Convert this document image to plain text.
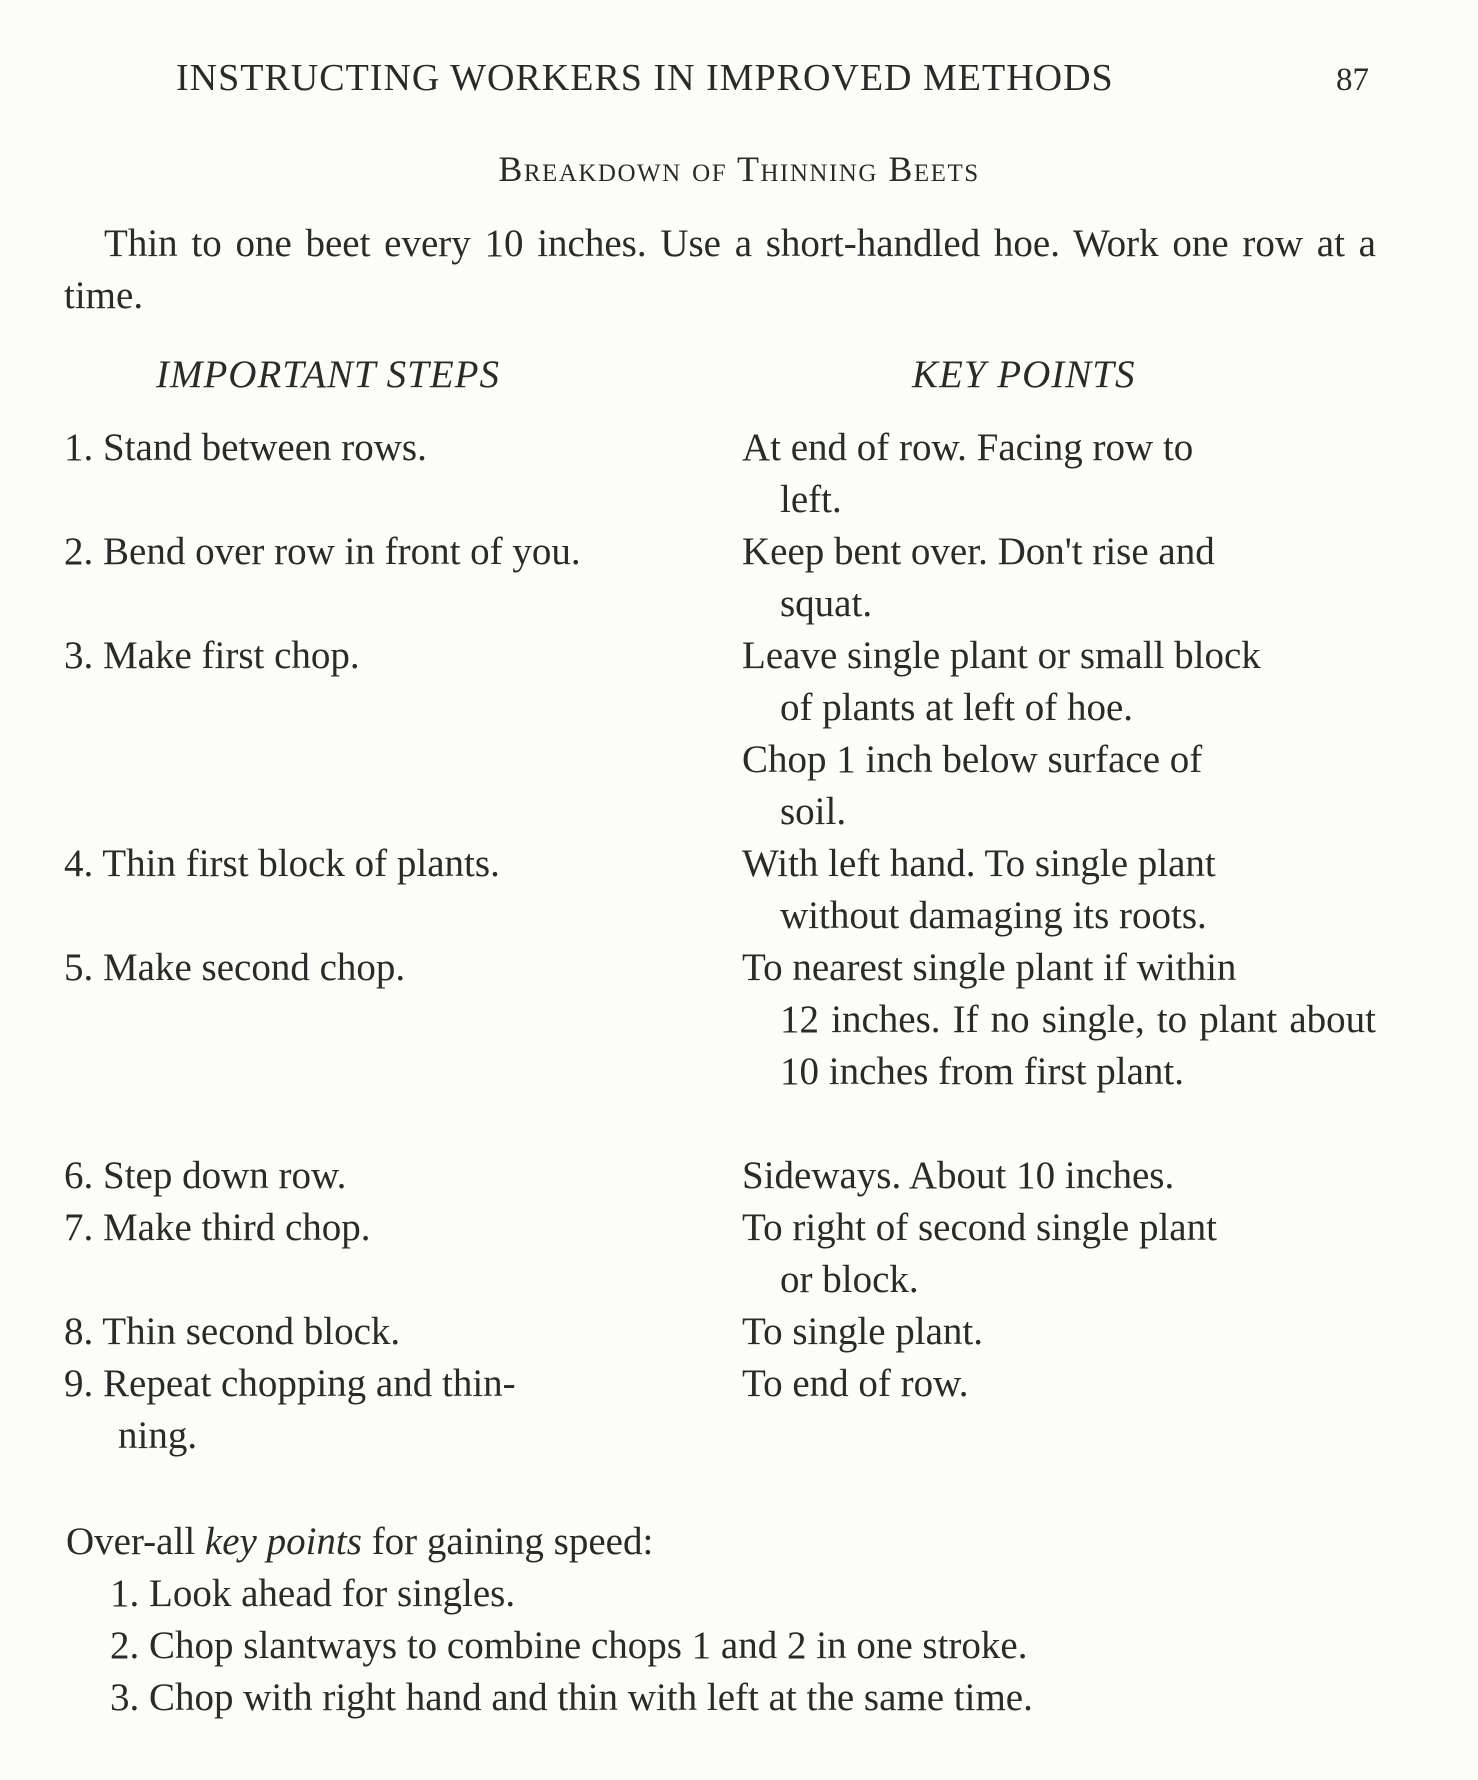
INSTRUCTING WORKERS IN IMPROVED METHODS	87
Breakdown of Thinning Beets
Thin to one beet every 10 inches. Use a short-handled hoe. Work one row at a time.
IMPORTANT STEPS	KEY POINTS
1. Stand between rows.
2. Bend over row in front of you.
3. Make first chop.
4. Thin first block of plants.
5. Make second chop.
6. Step down row.
7. Make third chop.
8. Thin second block.
9. Repeat chopping and thin-
ning.
At end of row. Facing row to
left.
Keep bent over. Don't rise and
squat.
Leave single plant or small block
of plants at left of hoe.
Chop 1 inch below surface of
soil.
With left hand. To single plant
without damaging its roots.
To nearest single plant if within
12 inches. If no single, to plant about 10 inches from first plant.
Sideways. About 10 inches.
To right of second single plant
or block.
To single plant.
To end of row.
Over-all key points for gaining speed:
1. Look ahead for singles.
2. Chop slantways to combine chops 1 and 2 in one stroke.
3. Chop with right hand and thin with left at the same time.
